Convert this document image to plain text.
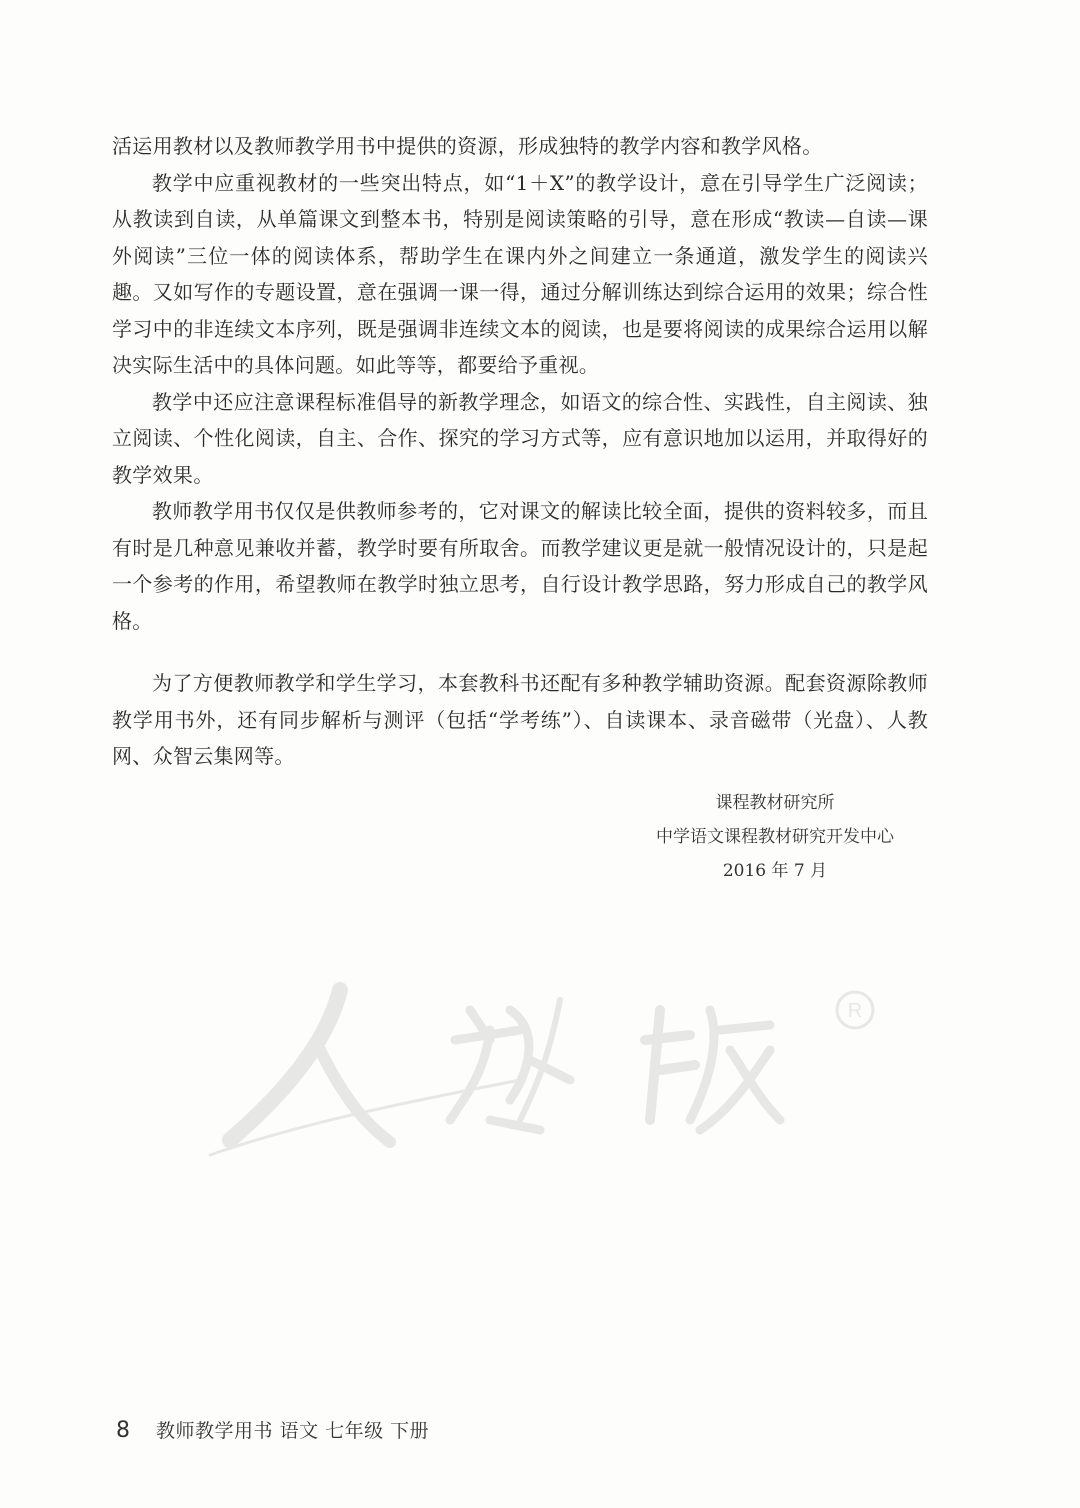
活运用教材以及教师教学用书中提供的资源，形成独特的教学内容和教学风格。

教学中应重视教材的一些突出特点，如“1＋X”的教学设计，意在引导学生广泛阅读；从教读到自读，从单篇课文到整本书，特别是阅读策略的引导，意在形成“教读—自读—课外阅读”三位一体的阅读体系，帮助学生在课内外之间建立一条通道，激发学生的阅读兴趣。又如写作的专题设置，意在强调一课一得，通过分解训练达到综合运用的效果；综合性学习中的非连续文本序列，既是强调非连续文本的阅读，也是要将阅读的成果综合运用以解决实际生活中的具体问题。如此等等，都要给予重视。

教学中还应注意课程标准倡导的新教学理念，如语文的综合性、实践性，自主阅读、独立阅读、个性化阅读，自主、合作、探究的学习方式等，应有意识地加以运用，并取得好的教学效果。

教师教学用书仅仅是供教师参考的，它对课文的解读比较全面，提供的资料较多，而且有时是几种意见兼收并蓄，教学时要有所取舍。而教学建议更是就一般情况设计的，只是起一个参考的作用，希望教师在教学时独立思考，自行设计教学思路，努力形成自己的教学风格。

为了方便教师教学和学生学习，本套教科书还配有多种教学辅助资源。配套资源除教师教学用书外，还有同步解析与测评（包括“学考练”）、自读课本、录音磁带（光盘）、人教网、众智云集网等。

课程教材研究所
中学语文课程教材研究开发中心
2016 年 7 月
R
8 教师教学用书 语文 七年级 下册
